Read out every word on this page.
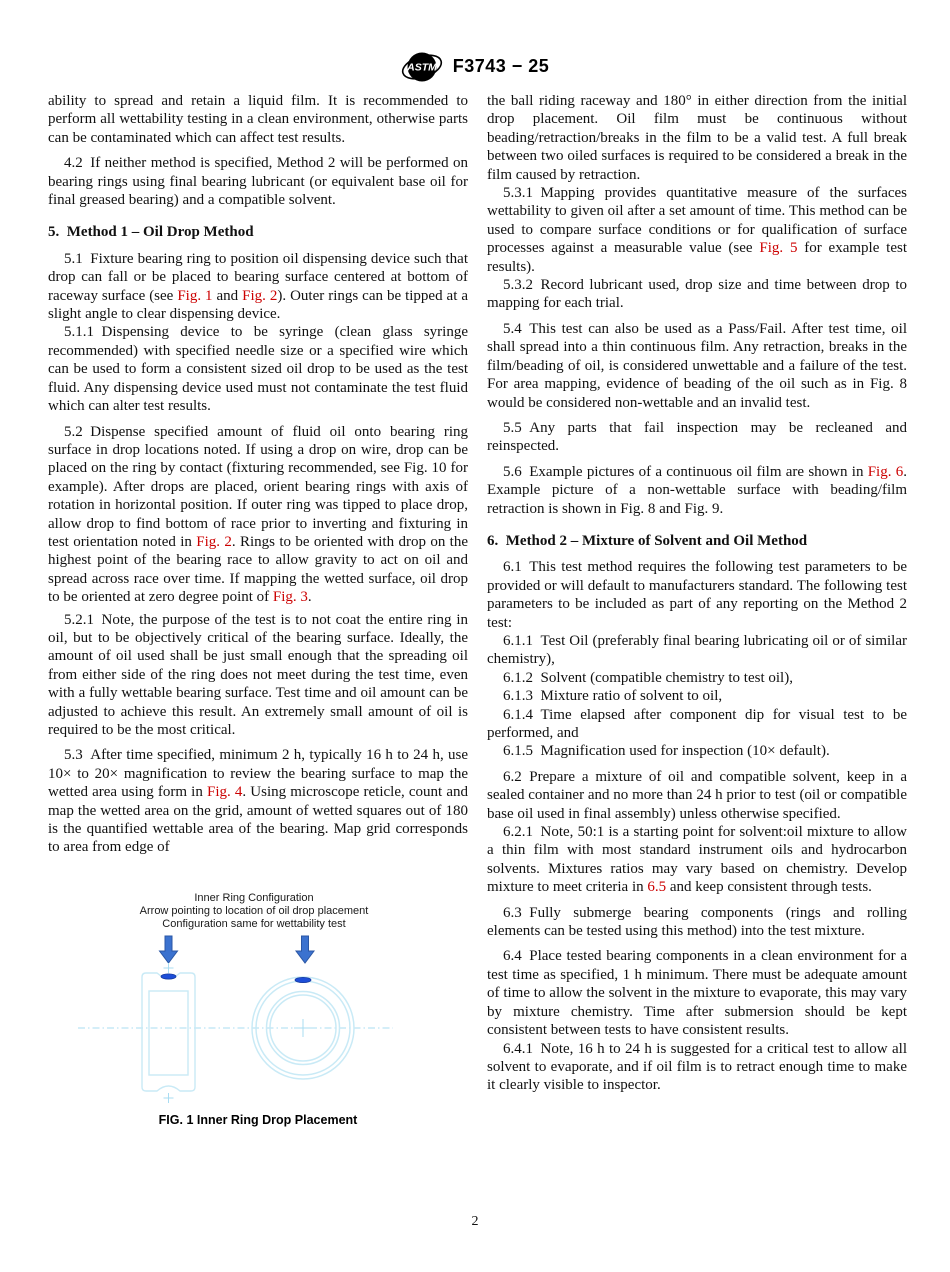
ASTM F3743 − 25

ability to spread and retain a liquid film. It is recommended to perform all wettability testing in a clean environment, otherwise parts can be contaminated which can affect test results.

4.2 If neither method is specified, Method 2 will be performed on bearing rings using final bearing lubricant (or equivalent base oil for final greased bearing) and a compatible solvent.

5. Method 1 – Oil Drop Method

5.1 Fixture bearing ring to position oil dispensing device such that drop can fall or be placed to bearing surface centered at bottom of raceway surface (see Fig. 1 and Fig. 2). Outer rings can be tipped at a slight angle to clear dispensing device.

5.1.1 Dispensing device to be syringe (clean glass syringe recommended) with specified needle size or a specified wire which can be used to form a consistent sized oil drop to be used as the test fluid. Any dispensing device used must not contaminate the test fluid which can alter test results.

5.2 Dispense specified amount of fluid oil onto bearing ring surface in drop locations noted. If using a drop on wire, drop can be placed on the ring by contact (fixturing recommended, see Fig. 10 for example). After drops are placed, orient bearing rings with axis of rotation in horizontal position. If outer ring was tipped to place drop, allow drop to find bottom of race prior to inverting and fixturing in test orientation noted in Fig. 2. Rings to be oriented with drop on the highest point of the bearing race to allow gravity to act on oil and spread across race over time. If mapping the wetted surface, oil drop to be oriented at zero degree point of Fig. 3.

5.2.1 Note, the purpose of the test is to not coat the entire ring in oil, but to be objectively critical of the bearing surface. Ideally, the amount of oil used shall be just small enough that the spreading oil from either side of the ring does not meet during the test time, even with a fully wettable bearing surface. Test time and oil amount can be adjusted to achieve this result. An extremely small amount of oil is required to be the most critical.

5.3 After time specified, minimum 2 h, typically 16 h to 24 h, use 10× to 20× magnification to review the bearing surface to map the wetted area using form in Fig. 4. Using microscope reticle, count and map the wetted area on the grid, amount of wetted squares out of 180 is the quantified wettable area of the bearing. Map grid corresponds to area from edge of

Inner Ring Configuration
Arrow pointing to location of oil drop placement
Configuration same for wettability test
FIG. 1 Inner Ring Drop Placement

the ball riding raceway and 180° in either direction from the initial drop placement. Oil film must be continuous without beading/retraction/breaks in the film to be a valid test. A full break between two oiled surfaces is required to be considered a break in the film caused by retraction.

5.3.1 Mapping provides quantitative measure of the surfaces wettability to given oil after a set amount of time. This method can be used to compare surface conditions or for qualification of surface processes against a measurable value (see Fig. 5 for example test results).

5.3.2 Record lubricant used, drop size and time between drop to mapping for each trial.

5.4 This test can also be used as a Pass/Fail. After test time, oil shall spread into a thin continuous film. Any retraction, breaks in the film/beading of oil, is considered unwettable and a failure of the test. For area mapping, evidence of beading of the oil such as in Fig. 8 would be considered non-wettable and an invalid test.

5.5 Any parts that fail inspection may be recleaned and reinspected.

5.6 Example pictures of a continuous oil film are shown in Fig. 6. Example picture of a non-wettable surface with beading/film retraction is shown in Fig. 8 and Fig. 9.

6. Method 2 – Mixture of Solvent and Oil Method

6.1 This test method requires the following test parameters to be provided or will default to manufacturers standard. The following test parameters to be included as part of any reporting on the Method 2 test:

6.1.1 Test Oil (preferably final bearing lubricating oil or of similar chemistry),

6.1.2 Solvent (compatible chemistry to test oil),

6.1.3 Mixture ratio of solvent to oil,

6.1.4 Time elapsed after component dip for visual test to be performed, and

6.1.5 Magnification used for inspection (10× default).

6.2 Prepare a mixture of oil and compatible solvent, keep in a sealed container and no more than 24 h prior to test (oil or compatible base oil used in final assembly) unless otherwise specified.

6.2.1 Note, 50:1 is a starting point for solvent:oil mixture to allow a thin film with most standard instrument oils and hydrocarbon solvents. Mixtures ratios may vary based on chemistry. Develop mixture to meet criteria in 6.5 and keep consistent through tests.

6.3 Fully submerge bearing components (rings and rolling elements can be tested using this method) into the test mixture.

6.4 Place tested bearing components in a clean environment for a test time as specified, 1 h minimum. There must be adequate amount of time to allow the solvent in the mixture to evaporate, this may vary by mixture chemistry. Time after submersion should be kept consistent between tests to have consistent results.

6.4.1 Note, 16 h to 24 h is suggested for a critical test to allow all solvent to evaporate, and if oil film is to retract enough time to make it clearly visible to inspector.

2
